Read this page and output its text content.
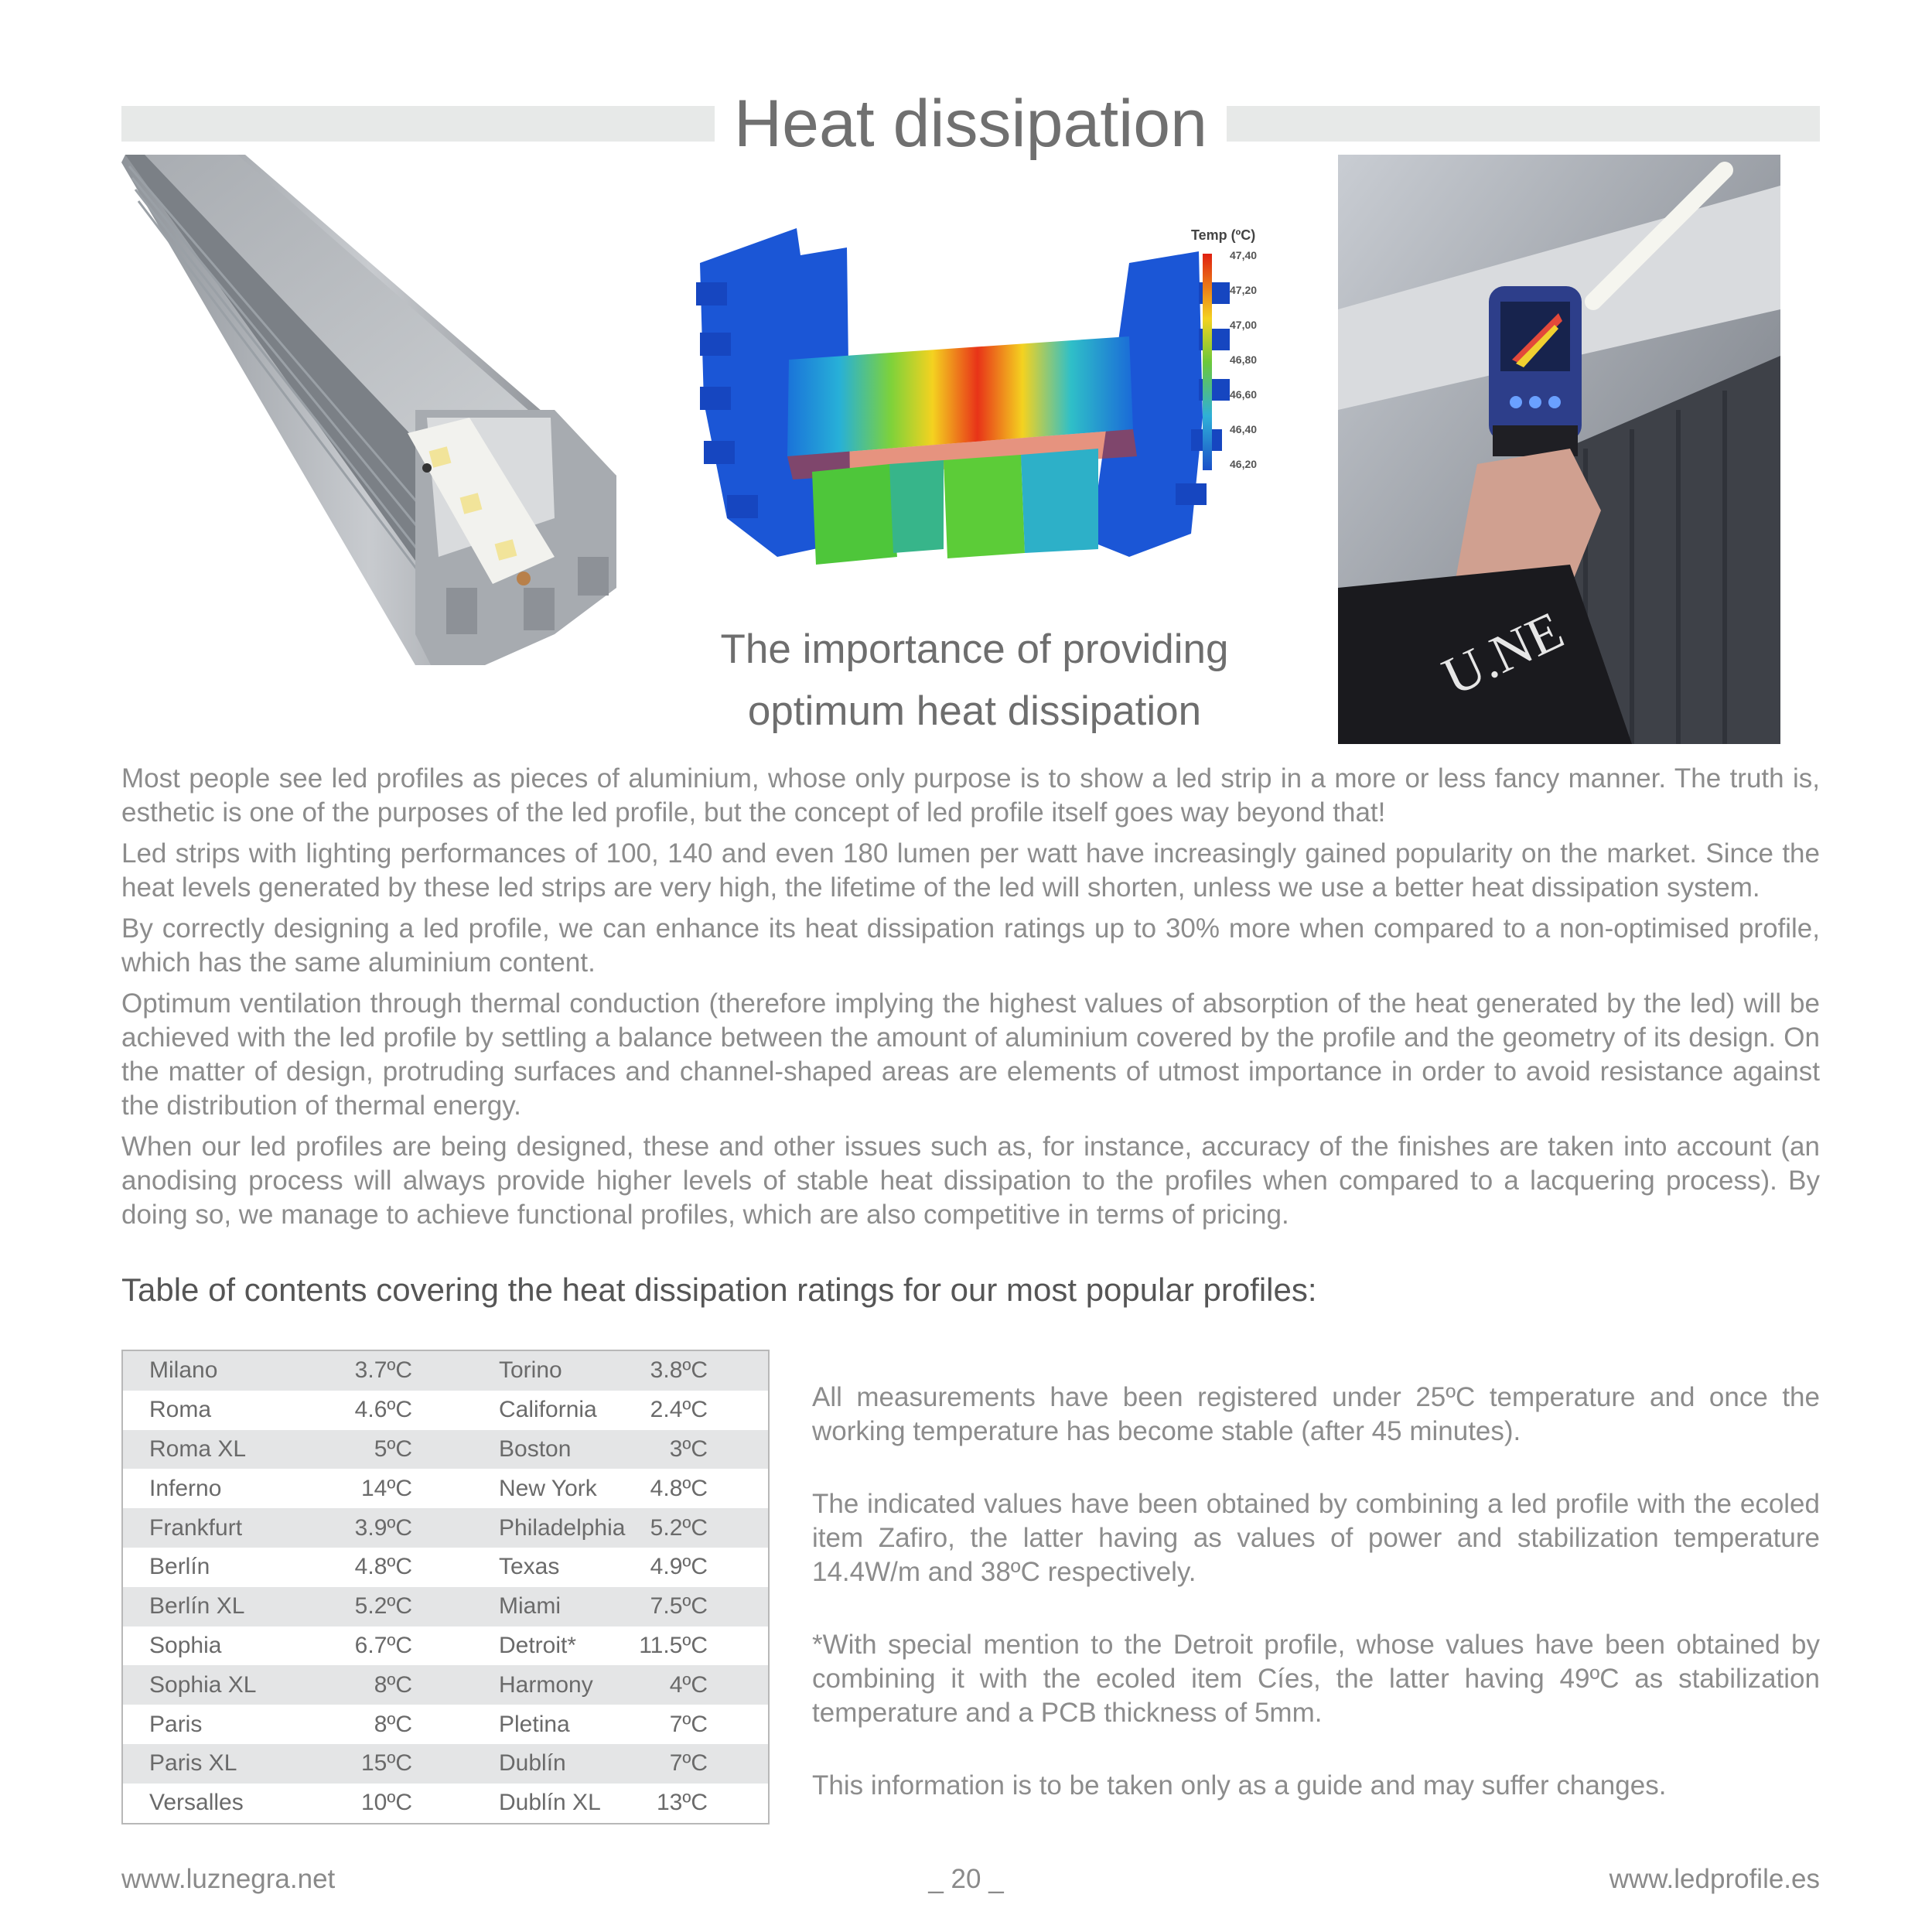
Heat dissipation
Temp (ºC)
47,40
47,20
47,00
46,80
46,60
46,40
46,20
U.NE
The importance of providing
optimum heat dissipation

Most people see led profiles as pieces of aluminium, whose only purpose is to show a led strip in a more or less fancy manner. The truth is, esthetic is one of the purposes of the led profile, but the concept of led profile itself goes way beyond that!

Led strips with lighting performances of 100, 140 and even 180 lumen per watt have increasingly gained popularity on the market. Since the heat levels generated by these led strips are very high, the lifetime of the led will shorten, unless we use a better heat dissipation system.

By correctly designing a led profile, we can enhance its heat dissipation ratings up to 30% more when compared to a non-optimised profile, which has the same aluminium content.

Optimum ventilation through thermal conduction (therefore implying the highest values of absorption of the heat generated by the led) will be achieved with the led profile by settling a balance between the amount of aluminium covered by the profile and the geometry of its design. On the matter of design, protruding surfaces and channel-shaped areas are elements of utmost importance in order to avoid resistance against the distribution of thermal energy.

When our led profiles are being designed, these and other issues such as, for instance, accuracy of the finishes are taken into account (an anodising process will always provide higher levels of stable heat dissipation to the profiles when compared to a lacquering process). By doing so, we manage to achieve functional profiles, which are also competitive in terms of pricing.

Table of contents covering the heat dissipation ratings for our most popular profiles:
Milano	3.7ºC	Torino	3.8ºC
Roma	4.6ºC	California	2.4ºC
Roma XL	5ºC	Boston	3ºC
Inferno	14ºC	New York	4.8ºC
Frankfurt	3.9ºC	Philadelphia	5.2ºC
Berlín	4.8ºC	Texas	4.9ºC
Berlín XL	5.2ºC	Miami	7.5ºC
Sophia	6.7ºC	Detroit*	11.5ºC
Sophia XL	8ºC	Harmony	4ºC
Paris	8ºC	Pletina	7ºC
Paris XL	15ºC	Dublín	7ºC
Versalles	10ºC	Dublín XL	13ºC

All measurements have been registered under 25ºC temperature and once the working temperature has become stable (after 45 minutes).

The indicated values have been obtained by combining a led profile with the ecoled item Zafiro, the latter having as values of power and stabilization temperature 14.4W/m and 38ºC respectively.

*With special mention to the Detroit profile, whose values have been obtained by combining it with the ecoled item Cíes, the latter having 49ºC as stabilization temperature and a PCB thickness of 5mm.

This information is to be taken only as a guide and may suffer changes.

www.luznegra.net	_ 20 _	www.ledprofile.es
